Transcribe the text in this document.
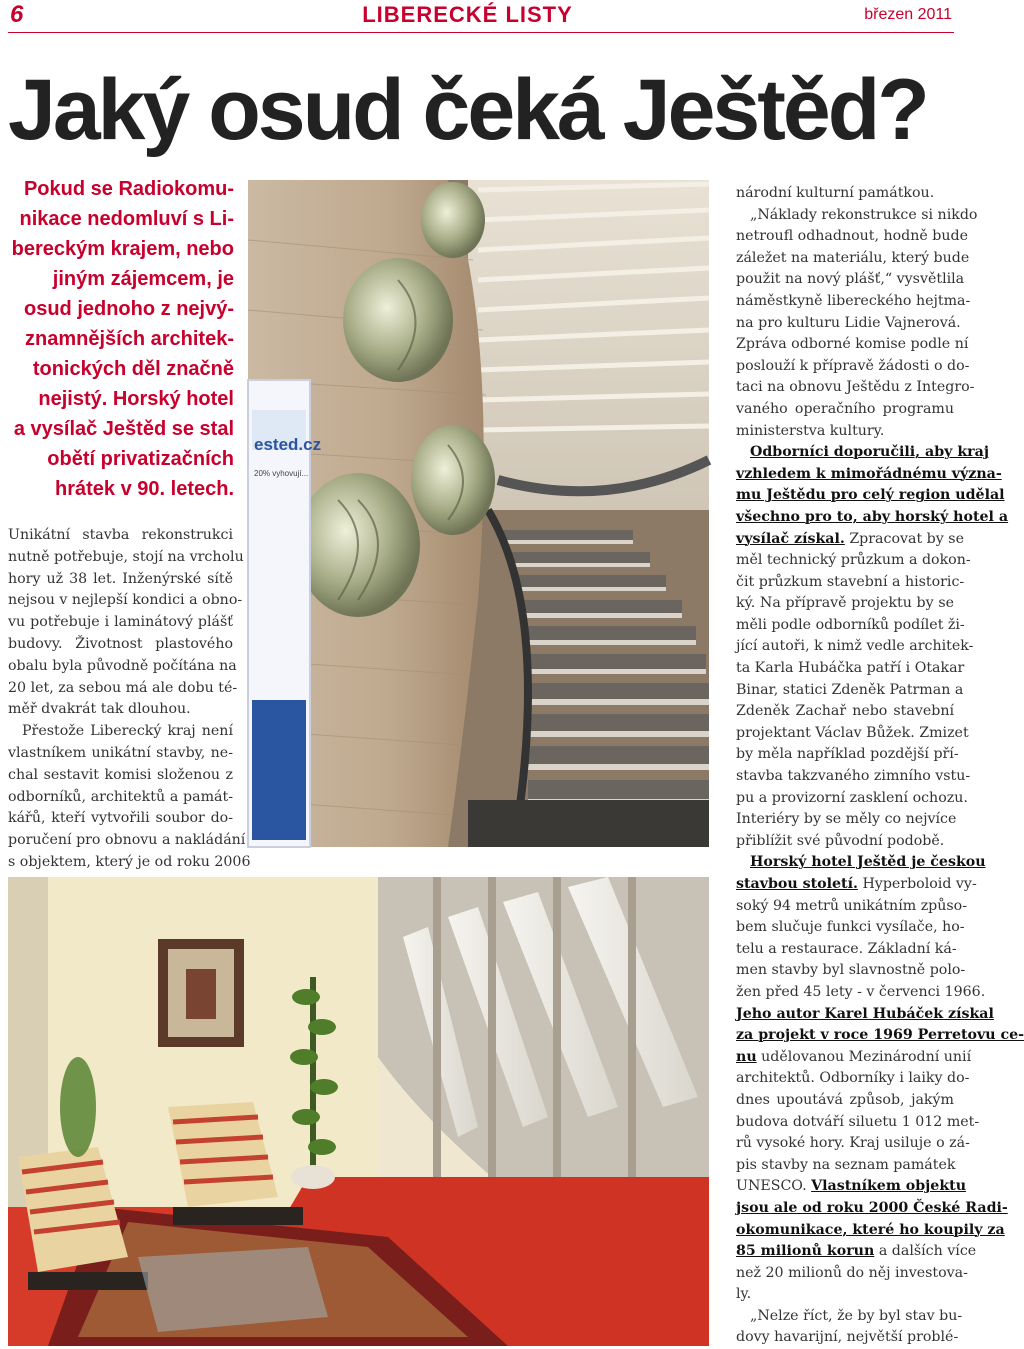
6	LIBERECKÉ LISTY	březen 2011
Jaký osud čeká Ještěd?
Pokud se Radiokomu-
nikace nedomluví s Li-
bereckým krajem, nebo
jiným zájemcem, je
osud jednoho z nejvý-
znamnějších architek-
tonických děl značně
nejistý. Horský hotel
a vysílač Ještěd se stal
obětí privatizačních
hrátek v 90. letech.
Unikátní stavba rekonstrukci
nutně potřebuje, stojí na vrcholu
hory už 38 let. Inženýrské sítě
nejsou v nejlepší kondici a obno-
vu potřebuje i laminátový plášť
budovy. Životnost plastového
obalu byla původně počítána na
20 let, za sebou má ale dobu té-
měř dvakrát tak dlouhou.
Přestože Liberecký kraj není
vlastníkem unikátní stavby, ne-
chal sestavit komisi složenou z
odborníků, architektů a památ-
kářů, kteří vytvořili soubor do-
poručení pro obnovu a nakládání
s objektem, který je od roku 2006
ested.cz
20% vyhovují...
národní kulturní památkou.
„Náklady rekonstrukce si nikdo
netroufl odhadnout, hodně bude
záležet na materiálu, který bude
použit na nový plášť,“ vysvětlila
náměstkyně libereckého hejtma-
na pro kulturu Lidie Vajnerová.
Zpráva odborné komise podle ní
poslouží k přípravě žádosti o do-
taci na obnovu Ještědu z Integro-
vaného operačního programu
ministerstva kultury.
Odborníci doporučili, aby kraj
vzhledem k mimořádnému význa-
mu Ještědu pro celý region udělal
všechno pro to, aby horský hotel a
vysílač získal. Zpracovat by se
měl technický průzkum a dokon-
čit průzkum stavební a historic-
ký. Na přípravě projektu by se
měli podle odborníků podílet ži-
jící autoři, k nimž vedle architek-
ta Karla Hubáčka patří i Otakar
Binar, statici Zdeněk Patrman a
Zdeněk Zachař nebo stavební
projektant Václav Bůžek. Zmizet
by měla například pozdější pří-
stavba takzvaného zimního vstu-
pu a provizorní zasklení ochozu.
Interiéry by se měly co nejvíce
přiblížit své původní podobě.
Horský hotel Ještěd je českou
stavbou století. Hyperboloid vy-
soký 94 metrů unikátním způso-
bem slučuje funkci vysílače, ho-
telu a restaurace. Základní ká-
men stavby byl slavnostně polo-
žen před 45 lety - v červenci 1966.
Jeho autor Karel Hubáček získal
za projekt v roce 1969 Perretovu ce-
nu udělovanou Mezinárodní unií
architektů. Odborníky i laiky do-
dnes upoutává způsob, jakým
budova dotváří siluetu 1 012 met-
rů vysoké hory. Kraj usiluje o zá-
pis stavby na seznam památek
UNESCO. Vlastníkem objektu
jsou ale od roku 2000 České Radi-
okomunikace, které ho koupily za
85 milionů korun a dalších více
než 20 milionů do něj investova-
ly.
„Nelze říct, že by byl stav bu-
dovy havarijní, největší problé-
